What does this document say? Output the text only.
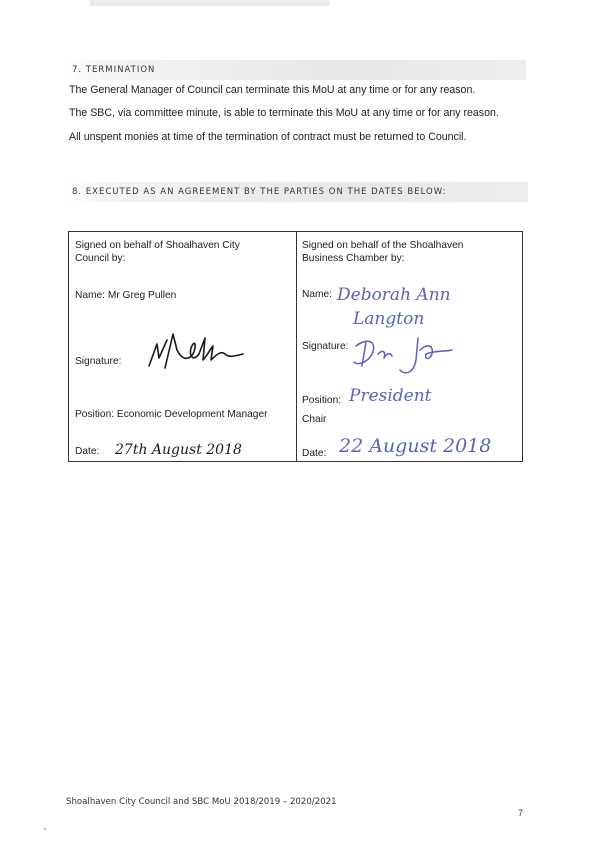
7. TERMINATION
The General Manager of Council can terminate this MoU at any time or for any reason.
The SBC, via committee minute, is able to terminate this MoU at any time or for any reason.
All unspent monies at time of the termination of contract must be returned to Council.
8. EXECUTED AS AN AGREEMENT BY THE PARTIES ON THE DATES BELOW:
Signed on behalf of Shoalhaven City
Council by:
Name: Mr Greg Pullen
Signature:
Position: Economic Development Manager
Date: 27th August 2018

Signed on behalf of the Shoalhaven
Business Chamber by:
Name: Deborah Ann
Langton
Signature:
Position: President
Chair
Date: 22 August 2018
Shoalhaven City Council and SBC MoU 2018/2019 – 2020/2021
7
